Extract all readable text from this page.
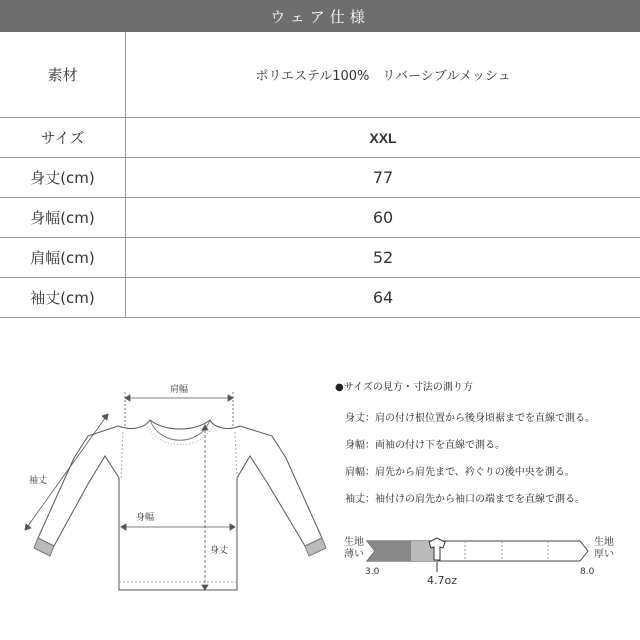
ウェア仕様
素材	ポリエステル100%　リバーシブルメッシュ
サイズ	XXL
身丈(cm)	77
身幅(cm)	60
肩幅(cm)	52
袖丈(cm)	64
肩幅
袖丈
身幅
身丈

●サイズの見方・寸法の測り方

身丈：肩の付け根位置から後身頃裾までを直線で測る。
身幅：両袖の付け下を直線で測る。
肩幅：肩先から肩先まで、衿ぐりの後中央を測る。
袖丈：袖付けの肩先から袖口の端までを直線で測る。
生地
薄い
生地
厚い
3.0	8.0
4.7oz
